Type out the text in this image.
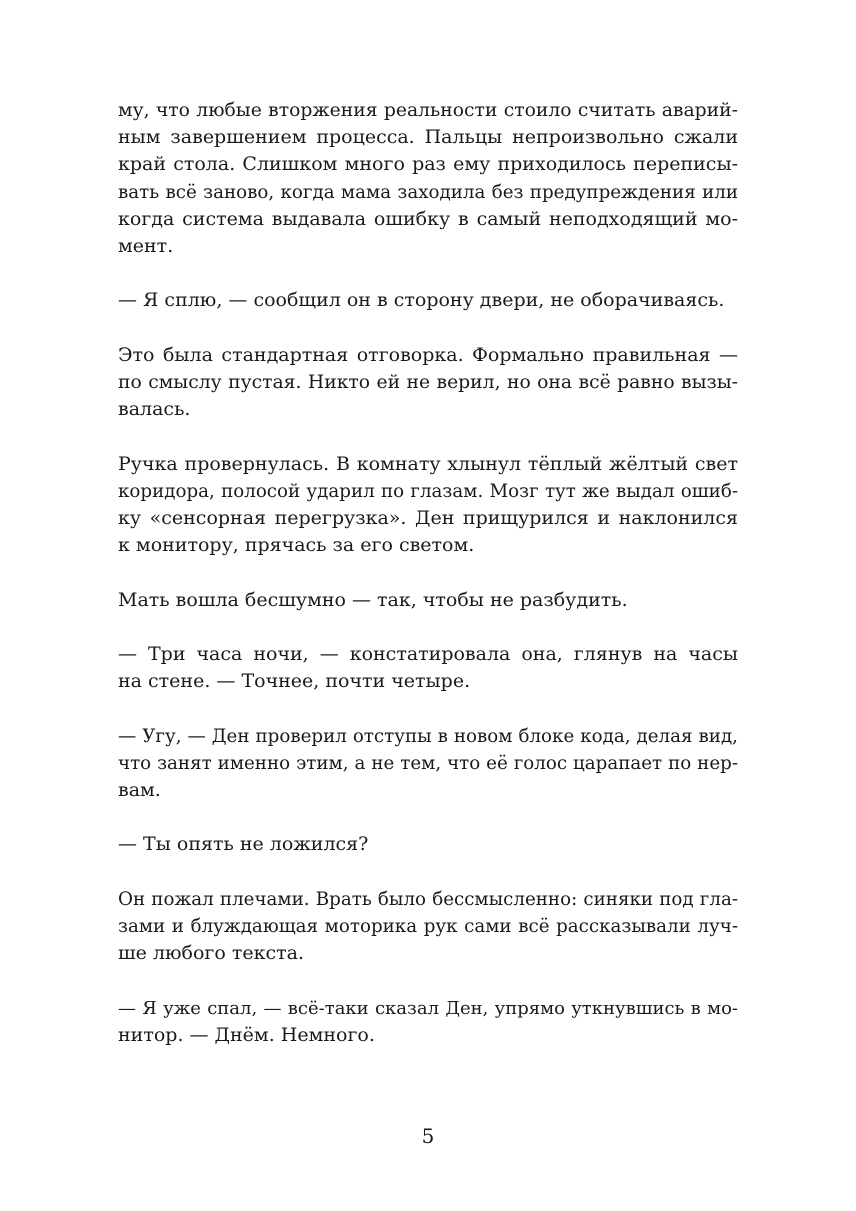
му, что любые вторжения реальности стоило считать аварий-
ным завершением процесса. Пальцы непроизвольно сжали
край стола. Слишком много раз ему приходилось переписы-
вать всё заново, когда мама заходила без предупреждения или
когда система выдавала ошибку в самый неподходящий мо-
мент.

— Я сплю, — сообщил он в сторону двери, не оборачиваясь.

Это была стандартная отговорка. Формально правильная —
по смыслу пустая. Никто ей не верил, но она всё равно вызы-
валась.

Ручка провернулась. В комнату хлынул тёплый жёлтый свет
коридора, полосой ударил по глазам. Мозг тут же выдал ошиб-
ку «сенсорная перегрузка». Ден прищурился и наклонился
к монитору, прячась за его светом.

Мать вошла бесшумно — так, чтобы не разбудить.

— Три часа ночи, — констатировала она, глянув на часы
на стене. — Точнее, почти четыре.

— Угу, — Ден проверил отступы в новом блоке кода, делая вид,
что занят именно этим, а не тем, что её голос царапает по нер-
вам.

— Ты опять не ложился?

Он пожал плечами. Врать было бессмысленно: синяки под гла-
зами и блуждающая моторика рук сами всё рассказывали луч-
ше любого текста.

— Я уже спал, — всё-таки сказал Ден, упрямо уткнувшись в мо-
нитор. — Днём. Немного.

5
